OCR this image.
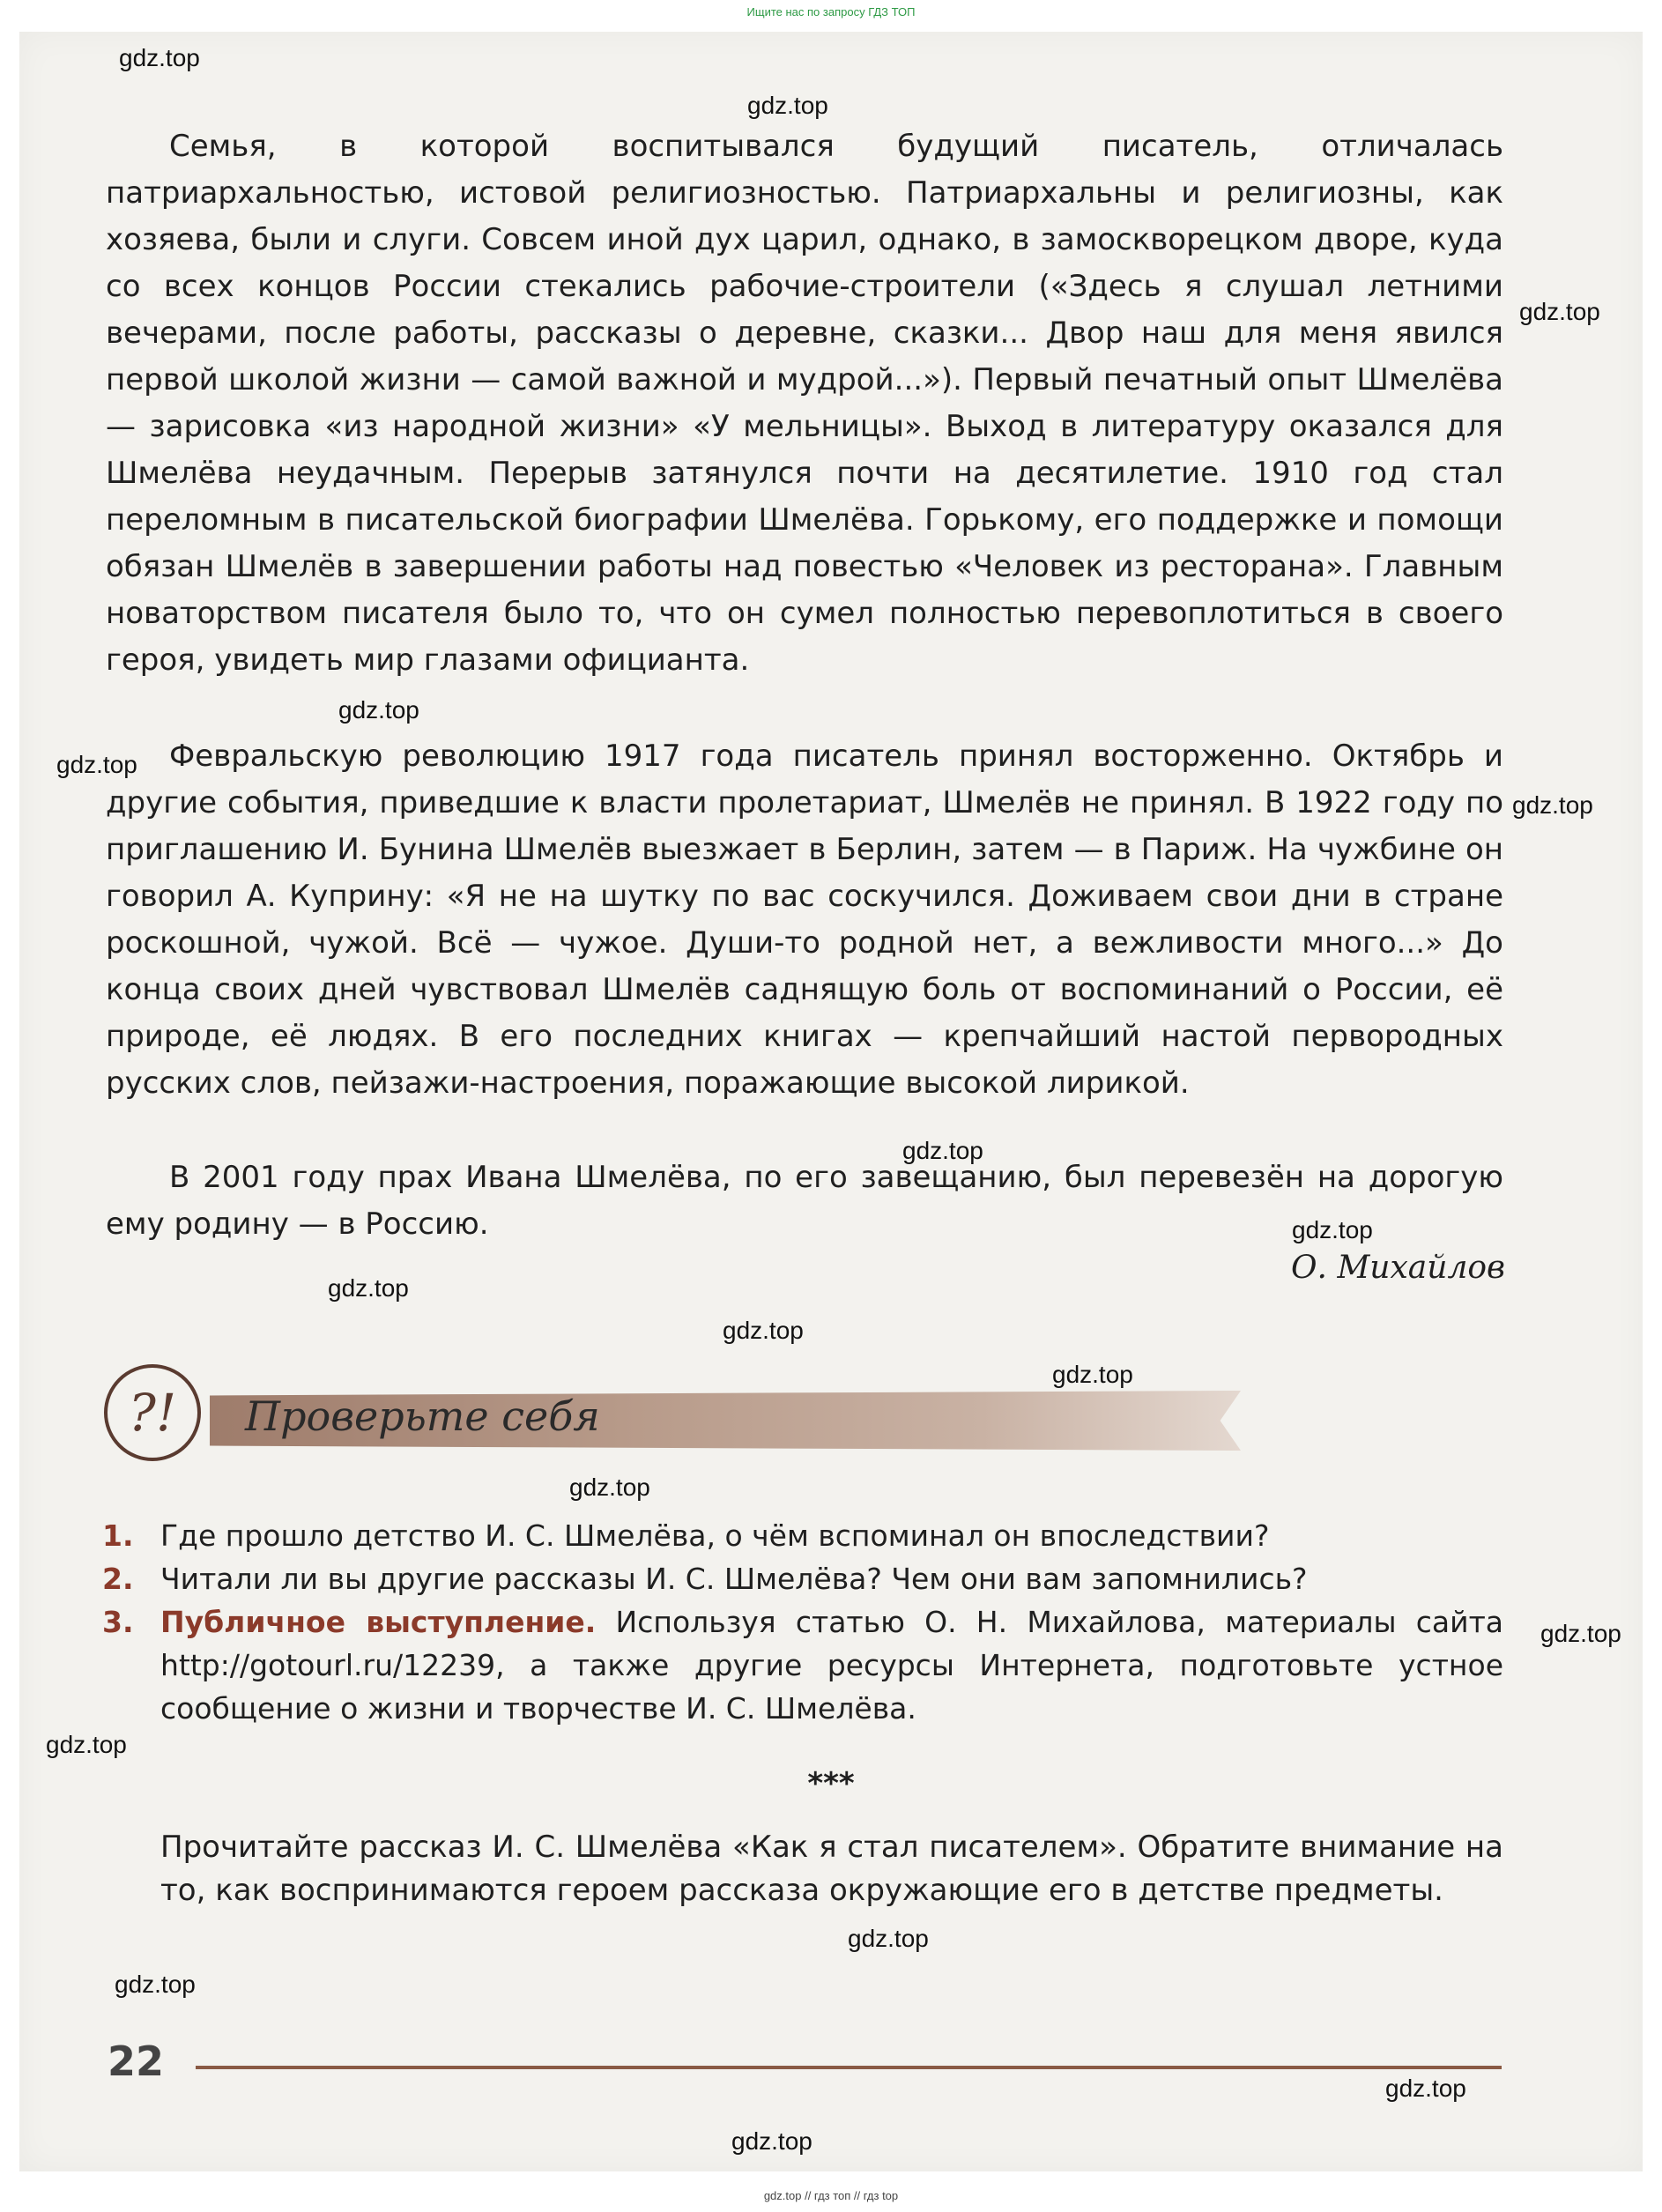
Ищите нас по запросу ГДЗ ТОП
gdz.top
gdz.top
gdz.top
gdz.top
gdz.top
gdz.top
gdz.top
gdz.top
gdz.top
gdz.top
gdz.top
gdz.top
gdz.top
gdz.top
gdz.top
gdz.top
gdz.top
gdz.top

Семья, в которой воспитывался будущий писатель, отличалась патриархальностью, истовой религиозностью. Патриархальны и религиозны, как хозяева, были и слуги. Совсем иной дух царил, однако, в замоскворецком дворе, куда со всех концов России стекались рабочие-строители («Здесь я слушал летними вечерами, после работы, рассказы о деревне, сказки... Двор наш для меня явился первой школой жизни — самой важной и мудрой...»). Первый печатный опыт Шмелёва — зарисовка «из народной жизни» «У мельницы». Выход в литературу оказался для Шмелёва неудачным. Перерыв затянулся почти на десятилетие. 1910 год стал переломным в писательской биографии Шмелёва. Горькому, его поддержке и помощи обязан Шмелёв в завершении работы над повестью «Человек из ресторана». Главным новаторством писателя было то, что он сумел полностью перевоплотиться в своего героя, увидеть мир глазами официанта.

Февральскую революцию 1917 года писатель принял восторженно. Октябрь и другие события, приведшие к власти пролетариат, Шмелёв не принял. В 1922 году по приглашению И. Бунина Шмелёв выезжает в Берлин, затем — в Париж. На чужбине он говорил А. Куприну: «Я не на шутку по вас соскучился. Доживаем свои дни в стране роскошной, чужой. Всё — чужое. Души-то родной нет, а вежливости много...» До конца своих дней чувствовал Шмелёв саднящую боль от воспоминаний о России, её природе, её людях. В его последних книгах — крепчайший настой первородных русских слов, пейзажи-настроения, поражающие высокой лирикой.

В 2001 году прах Ивана Шмелёва, по его завещанию, был перевезён на дорогую ему родину — в Россию.

О. Михайлов
?!	Проверьте себя
1. Где прошло детство И. С. Шмелёва, о чём вспоминал он впоследствии?
2. Читали ли вы другие рассказы И. С. Шмелёва? Чем они вам запомнились?
3. Публичное выступление. Используя статью О. Н. Михайлова, материалы сайта http://gotourl.ru/12239, а также другие ресурсы Интернета, подготовьте устное сообщение о жизни и творчестве И. С. Шмелёва.
***

Прочитайте рассказ И. С. Шмелёва «Как я стал писателем». Обратите внимание на то, как воспринимаются героем рассказа окружающие его в детстве предметы.

22
gdz.top // гдз топ // гдз top
